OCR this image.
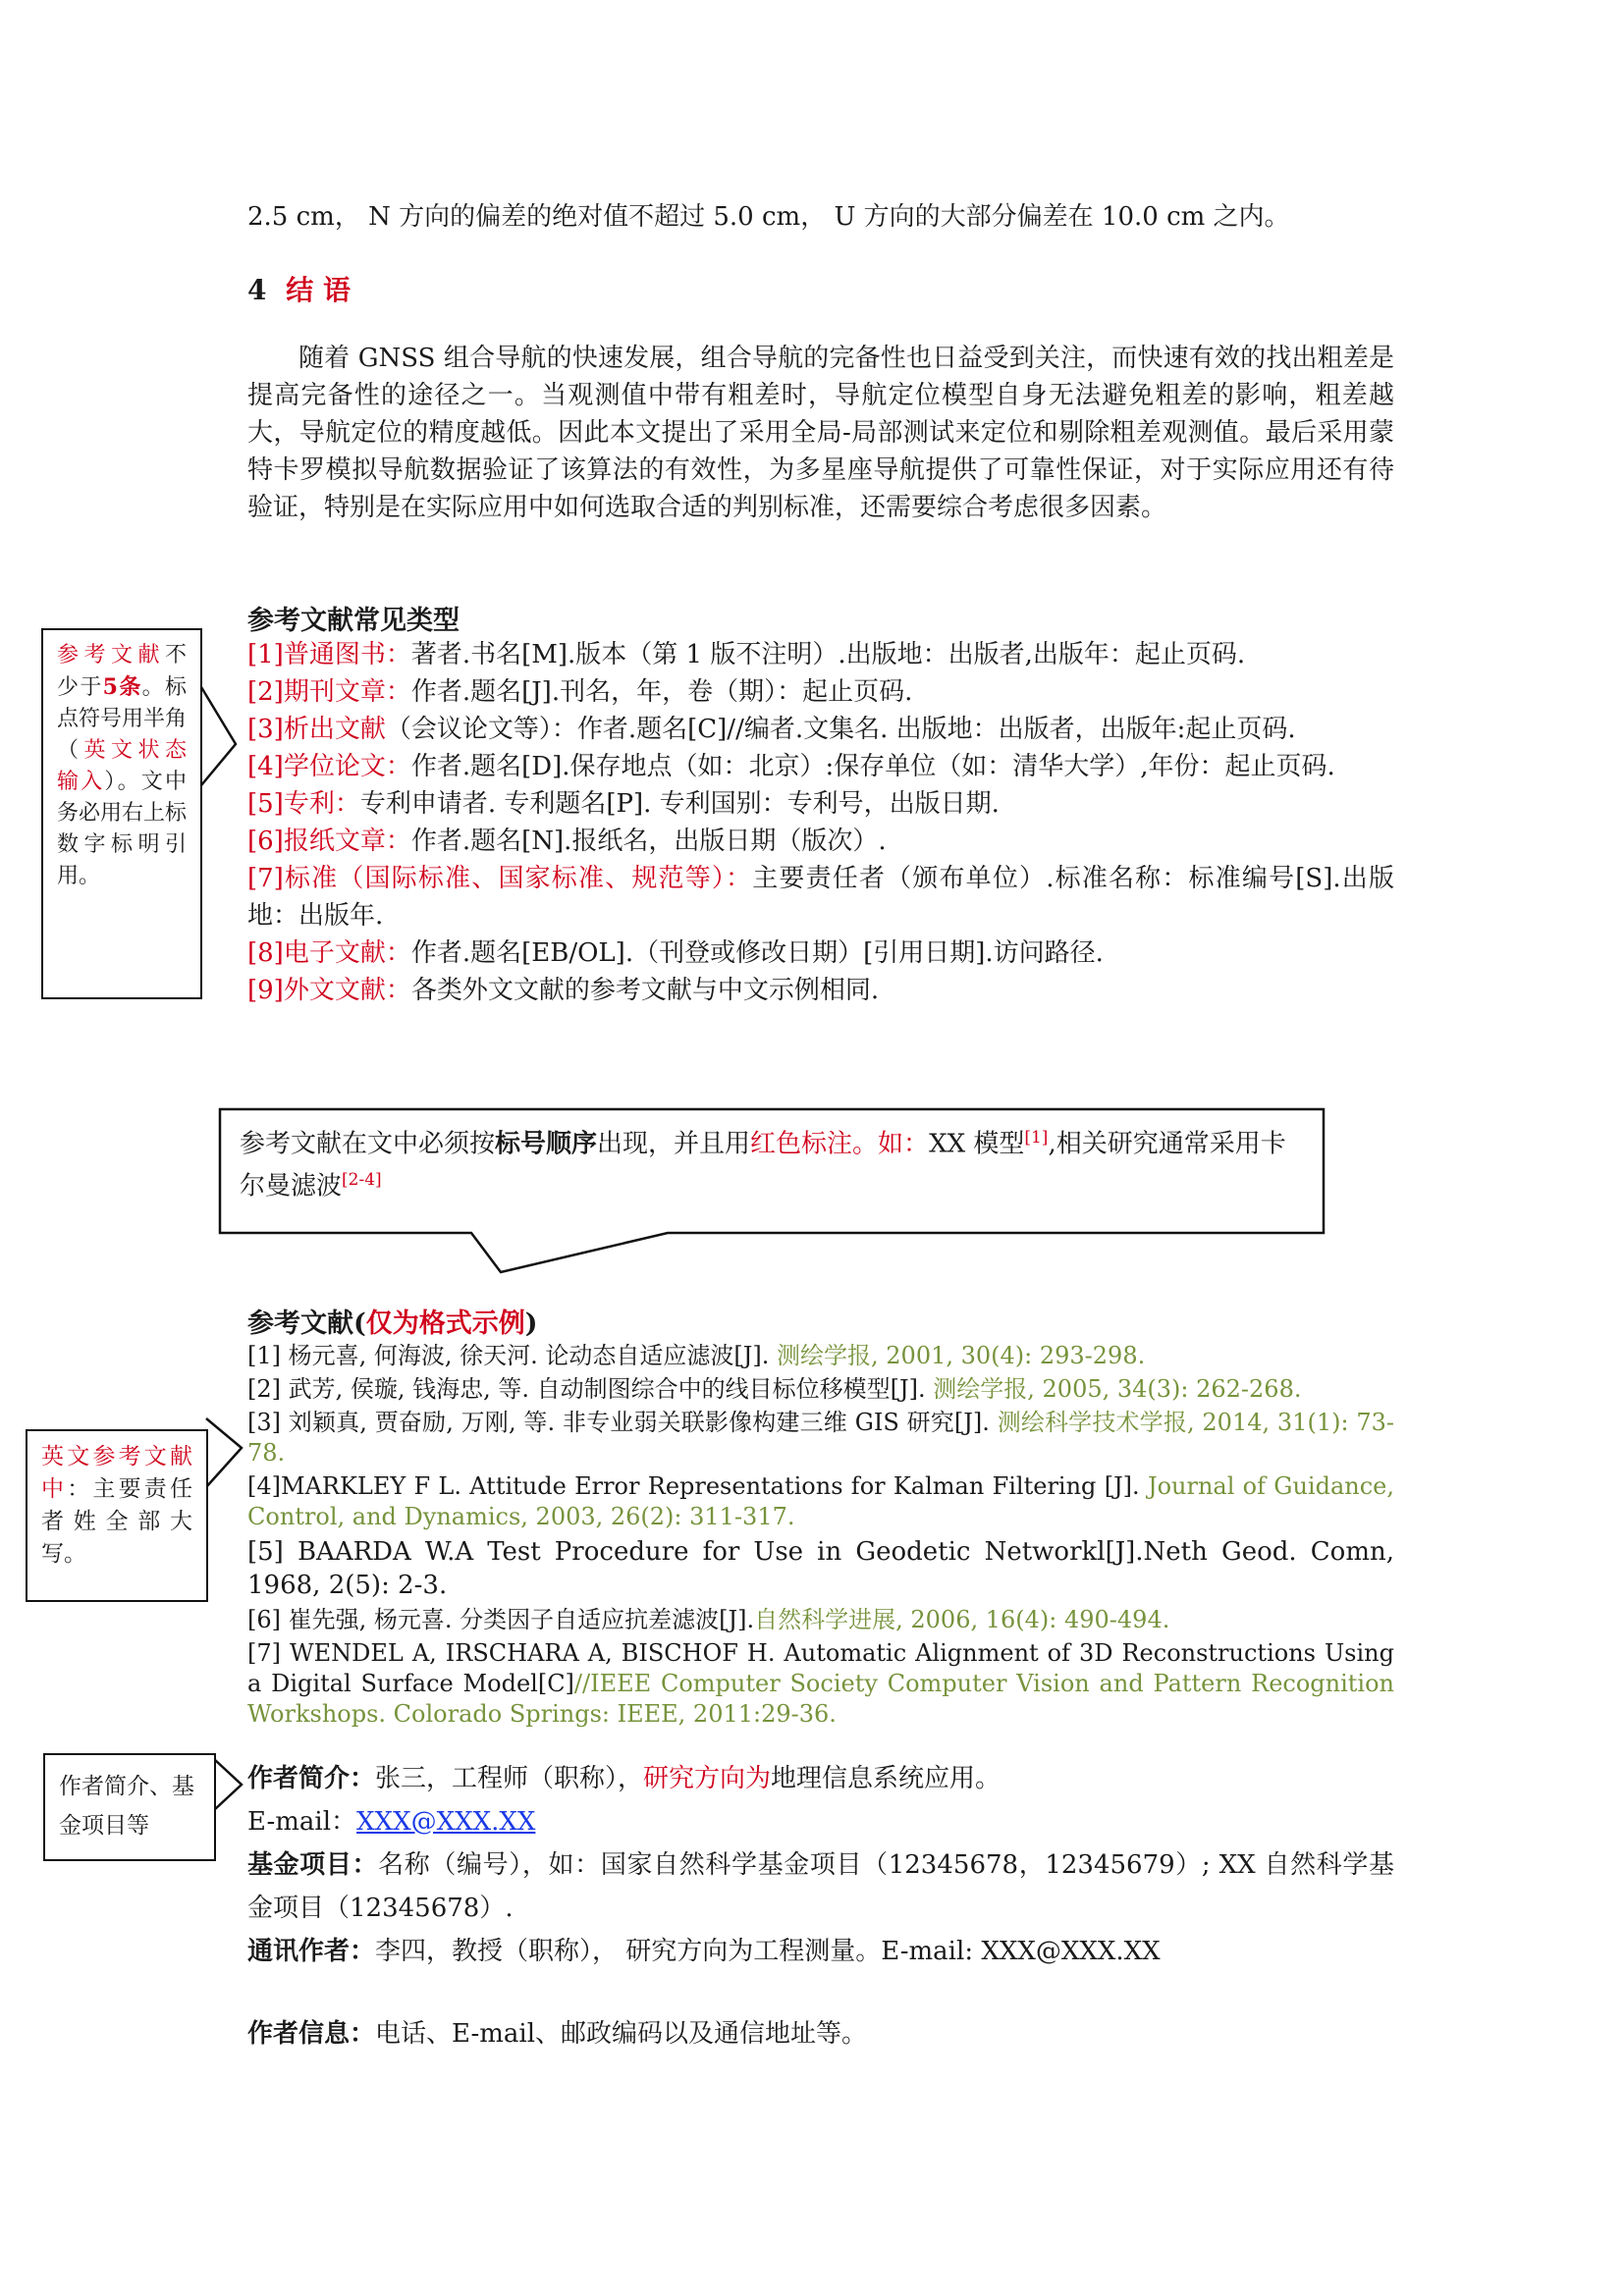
2.5 cm， N 方向的偏差的绝对值不超过 5.0 cm， U 方向的大部分偏差在 10.0 cm 之内。
4 结 语
随着 GNSS 组合导航的快速发展，组合导航的完备性也日益受到关注，而快速有效的找出粗差是提高完备性的途径之一。当观测值中带有粗差时，导航定位模型自身无法避免粗差的影响，粗差越大，导航定位的精度越低。因此本文提出了采用全局-局部测试来定位和剔除粗差观测值。最后采用蒙特卡罗模拟导航数据验证了该算法的有效性，为多星座导航提供了可靠性保证，对于实际应用还有待验证，特别是在实际应用中如何选取合适的判别标准，还需要综合考虑很多因素。
参考文献常见类型
[1]普通图书：著者.书名[M].版本（第 1 版不注明）.出版地：出版者,出版年：起止页码.
[2]期刊文章：作者.题名[J].刊名，年，卷（期）：起止页码.
[3]析出文献（会议论文等）：作者.题名[C]//编者.文集名. 出版地：出版者，出版年:起止页码.
[4]学位论文：作者.题名[D].保存地点（如：北京）:保存单位（如：清华大学）,年份：起止页码.
[5]专利：专利申请者. 专利题名[P]. 专利国别：专利号，出版日期.
[6]报纸文章：作者.题名[N].报纸名，出版日期（版次）.
[7]标准（国际标准、国家标准、规范等）：主要责任者（颁布单位）.标准名称：标准编号[S].出版地：出版年.
[8]电子文献：作者.题名[EB/OL].（刊登或修改日期）[引用日期].访问路径.
[9]外文文献：各类外文文献的参考文献与中文示例相同.
参考文献不少于5条。标点符号用半角（英文状态输入）。文中务必用右上标数字标明引用。
参考文献在文中必须按标号顺序出现，并且用红色标注。如：XX 模型[1],相关研究通常采用卡尔曼滤波[2-4]
参考文献(仅为格式示例)
[1] 杨元喜, 何海波, 徐天河. 论动态自适应滤波[J]. 测绘学报, 2001, 30(4): 293-298.
[2] 武芳, 侯璇, 钱海忠, 等. 自动制图综合中的线目标位移模型[J]. 测绘学报, 2005, 34(3): 262-268.
[3] 刘颖真, 贾奋励, 万刚, 等. 非专业弱关联影像构建三维 GIS 研究[J]. 测绘科学技术学报, 2014, 31(1): 73-78.
[4]MARKLEY F L. Attitude Error Representations for Kalman Filtering [J]. Journal of Guidance, Control, and Dynamics, 2003, 26(2): 311-317.
[5] BAARDA W.A Test Procedure for Use in Geodetic Networkl[J].Neth Geod. Comn, 1968, 2(5): 2-3.
[6] 崔先强, 杨元喜. 分类因子自适应抗差滤波[J].自然科学进展, 2006, 16(4): 490-494.
[7] WENDEL A, IRSCHARA A, BISCHOF H. Automatic Alignment of 3D Reconstructions Using a Digital Surface Model[C]//IEEE Computer Society Computer Vision and Pattern Recognition Workshops. Colorado Springs: IEEE, 2011:29-36.
英文参考文献中：主要责任者姓全部大写。
作者简介、基金项目等
作者简介：张三，工程师（职称），研究方向为地理信息系统应用。
E-mail：XXX@XXX.XX
基金项目：名称（编号），如：国家自然科学基金项目（12345678，12345679）; XX 自然科学基金项目（12345678）.
通讯作者：李四，教授（职称）， 研究方向为工程测量。E-mail: XXX@XXX.XX
作者信息：电话、E-mail、邮政编码以及通信地址等。
